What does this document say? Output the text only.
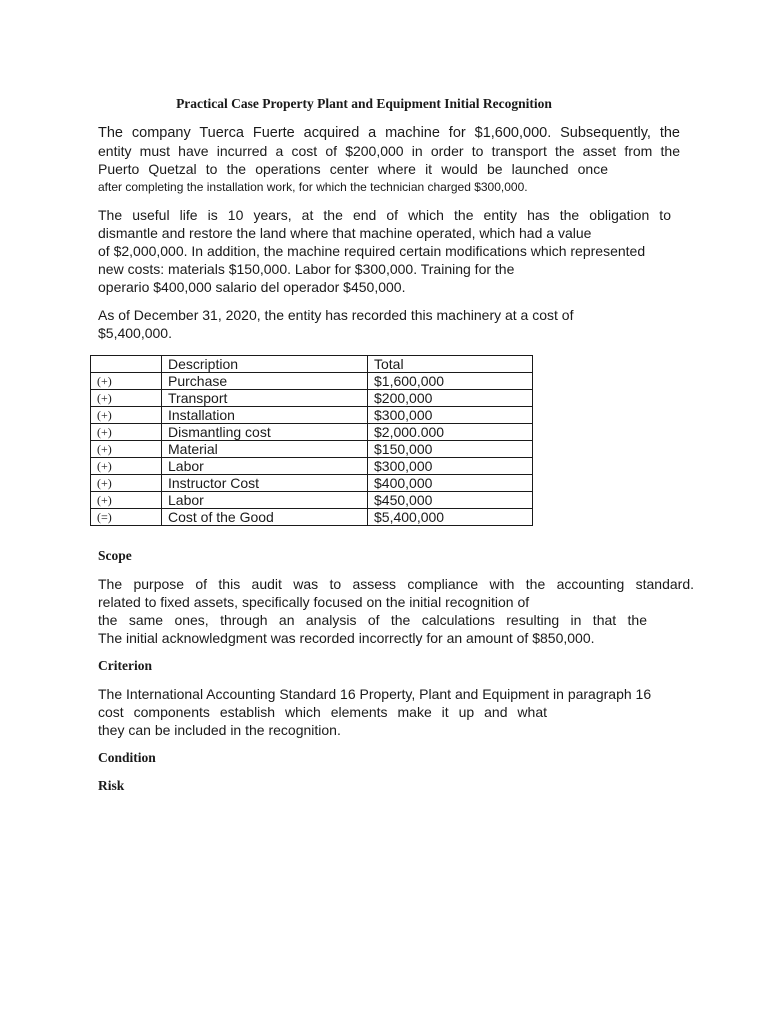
Practical Case Property Plant and Equipment Initial Recognition
The company Tuerca Fuerte acquired a machine for $1,600,000. Subsequently, the
entity must have incurred a cost of $200,000 in order to transport the asset from the
Puerto Quetzal to the operations center where it would be launched once
after completing the installation work, for which the technician charged $300,000.
The useful life is 10 years, at the end of which the entity has the obligation to
dismantle and restore the land where that machine operated, which had a value
of $2,000,000. In addition, the machine required certain modifications which represented
new costs: materials $150,000. Labor for $300,000. Training for the
operario $400,000 salario del operador $450,000.
As of December 31, 2020, the entity has recorded this machinery at a cost of
$5,400,000.
	Description	Total
(+)	Purchase	$1,600,000
(+)	Transport	$200,000
(+)	Installation	$300,000
(+)	Dismantling cost	$2,000.000
(+)	Material	$150,000
(+)	Labor	$300,000
(+)	Instructor Cost	$400,000
(+)	Labor	$450,000
(=)	Cost of the Good	$5,400,000
Scope
The purpose of this audit was to assess compliance with the accounting standard.
related to fixed assets, specifically focused on the initial recognition of
the same ones, through an analysis of the calculations resulting in that the
The initial acknowledgment was recorded incorrectly for an amount of $850,000.
Criterion
The International Accounting Standard 16 Property, Plant and Equipment in paragraph 16
cost components establish which elements make it up and what
they can be included in the recognition.
Condition
Risk
